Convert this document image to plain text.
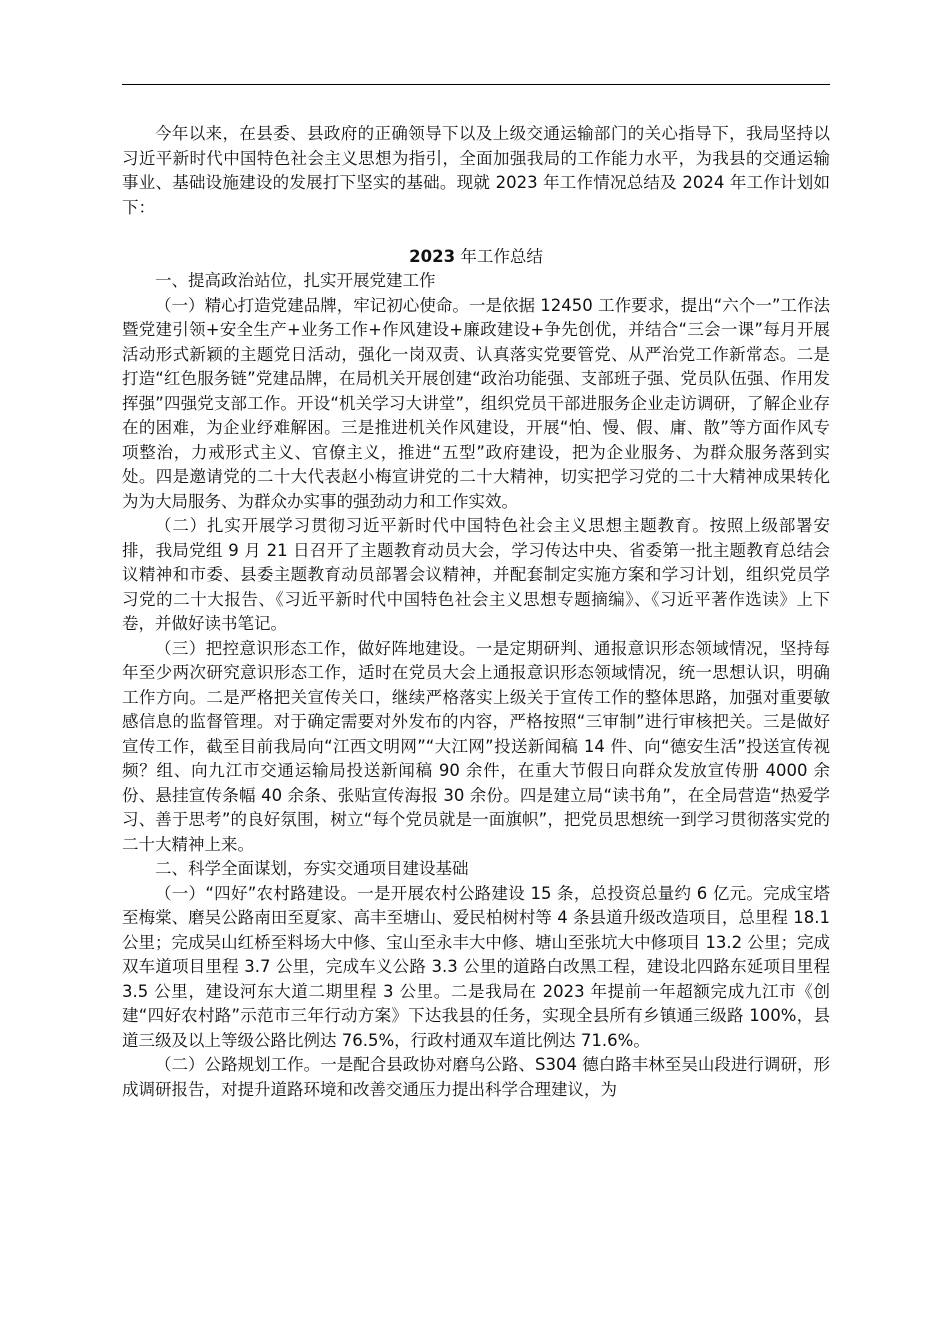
今年以来，在县委、县政府的正确领导下以及上级交通运输部门的关心指导下，我局坚持以习近平新时代中国特色社会主义思想为指引，全面加强我局的工作能力水平，为我县的交通运输事业、基础设施建设的发展打下坚实的基础。现就 2023 年工作情况总结及 2024 年工作计划如下：

2023 年工作总结

一、提高政治站位，扎实开展党建工作

（一）精心打造党建品牌，牢记初心使命。一是依据 12450 工作要求，提出“六个一”工作法暨党建引领+安全生产+业务工作+作风建设+廉政建设+争先创优，并结合“三会一课”每月开展活动形式新颖的主题党日活动，强化一岗双责、认真落实党要管党、从严治党工作新常态。二是打造“红色服务链”党建品牌，在局机关开展创建“政治功能强、支部班子强、党员队伍强、作用发挥强”四强党支部工作。开设“机关学习大讲堂”，组织党员干部进服务企业走访调研，了解企业存在的困难，为企业纾难解困。三是推进机关作风建设，开展“怕、慢、假、庸、散”等方面作风专项整治，力戒形式主义、官僚主义，推进“五型”政府建设，把为企业服务、为群众服务落到实处。四是邀请党的二十大代表赵小梅宣讲党的二十大精神，切实把学习党的二十大精神成果转化为为大局服务、为群众办实事的强劲动力和工作实效。

（二）扎实开展学习贯彻习近平新时代中国特色社会主义思想主题教育。按照上级部署安排，我局党组 9 月 21 日召开了主题教育动员大会，学习传达中央、省委第一批主题教育总结会议精神和市委、县委主题教育动员部署会议精神，并配套制定实施方案和学习计划，组织党员学习党的二十大报告、《习近平新时代中国特色社会主义思想专题摘编》、《习近平著作选读》上下卷，并做好读书笔记。

（三）把控意识形态工作，做好阵地建设。一是定期研判、通报意识形态领域情况，坚持每年至少两次研究意识形态工作，适时在党员大会上通报意识形态领域情况，统一思想认识，明确工作方向。二是严格把关宣传关口，继续严格落实上级关于宣传工作的整体思路，加强对重要敏感信息的监督管理。对于确定需要对外发布的内容，严格按照“三审制”进行审核把关。三是做好宣传工作，截至目前我局向“江西文明网”“大江网”投送新闻稿 14 件、向“德安生活”投送宣传视频？组、向九江市交通运输局投送新闻稿 90 余件，在重大节假日向群众发放宣传册 4000 余份、悬挂宣传条幅 40 余条、张贴宣传海报 30 余份。四是建立局“读书角”，在全局营造“热爱学习、善于思考”的良好氛围，树立“每个党员就是一面旗帜”，把党员思想统一到学习贯彻落实党的二十大精神上来。

二、科学全面谋划，夯实交通项目建设基础

（一）“四好”农村路建设。一是开展农村公路建设 15 条，总投资总量约 6 亿元。完成宝塔至梅棠、磨吴公路南田至夏家、高丰至塘山、爱民柏树村等 4 条县道升级改造项目，总里程 18.1 公里；完成吴山红桥至料场大中修、宝山至永丰大中修、塘山至张坑大中修项目 13.2 公里；完成双车道项目里程 3.7 公里，完成车义公路 3.3 公里的道路白改黑工程，建设北四路东延项目里程 3.5 公里，建设河东大道二期里程 3 公里。二是我局在 2023 年提前一年超额完成九江市《创建“四好农村路”示范市三年行动方案》下达我县的任务，实现全县所有乡镇通三级路 100%，县道三级及以上等级公路比例达 76.5%，行政村通双车道比例达 71.6%。

（二）公路规划工作。一是配合县政协对磨乌公路、S304 德白路丰林至吴山段进行调研，形成调研报告，对提升道路环境和改善交通压力提出科学合理建议，为
